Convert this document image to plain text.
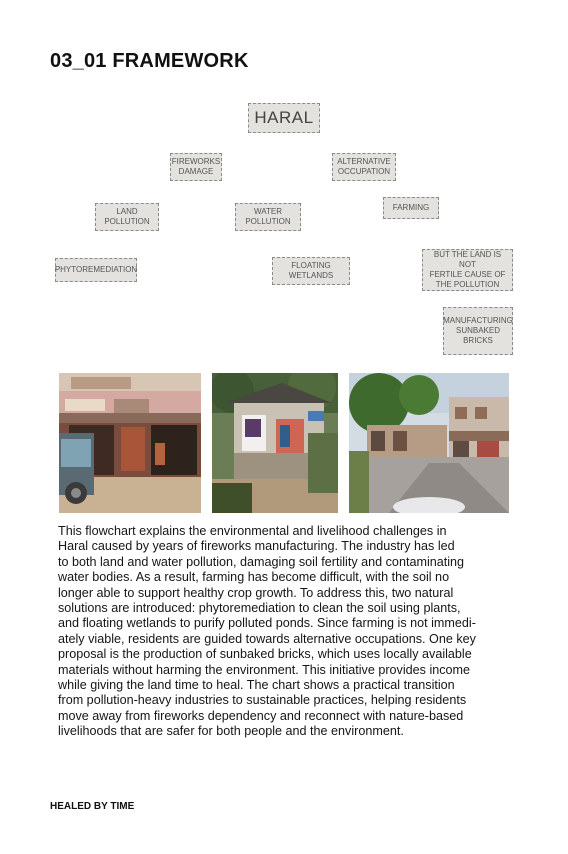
03_01 FRAMEWORK
HARAL
FIREWORKS
DAMAGE
ALTERNATIVE
OCCUPATION
LAND
POLLUTION
WATER
POLLUTION
FARMING
PHYTOREMEDIATION	FLOATING
WETLANDS
BUT THE LAND IS NOT
FERTILE CAUSE OF
THE POLLUTION
MANUFACTURING
SUNBAKED
BRICKS

This flowchart explains the environmental and livelihood challenges in
Haral caused by years of fireworks manufacturing. The industry has led
to both land and water pollution, damaging soil fertility and contaminating
water bodies. As a result, farming has become difficult, with the soil no
longer able to support healthy crop growth. To address this, two natural
solutions are introduced: phytoremediation to clean the soil using plants,
and floating wetlands to purify polluted ponds. Since farming is not immedi-
ately viable, residents are guided towards alternative occupations. One key
proposal is the production of sunbaked bricks, which uses locally available
materials without harming the environment. This initiative provides income
while giving the land time to heal. The chart shows a practical transition
from pollution-heavy industries to sustainable practices, helping residents
move away from fireworks dependency and reconnect with nature-based
livelihoods that are safer for both people and the environment.

HEALED BY TIME
